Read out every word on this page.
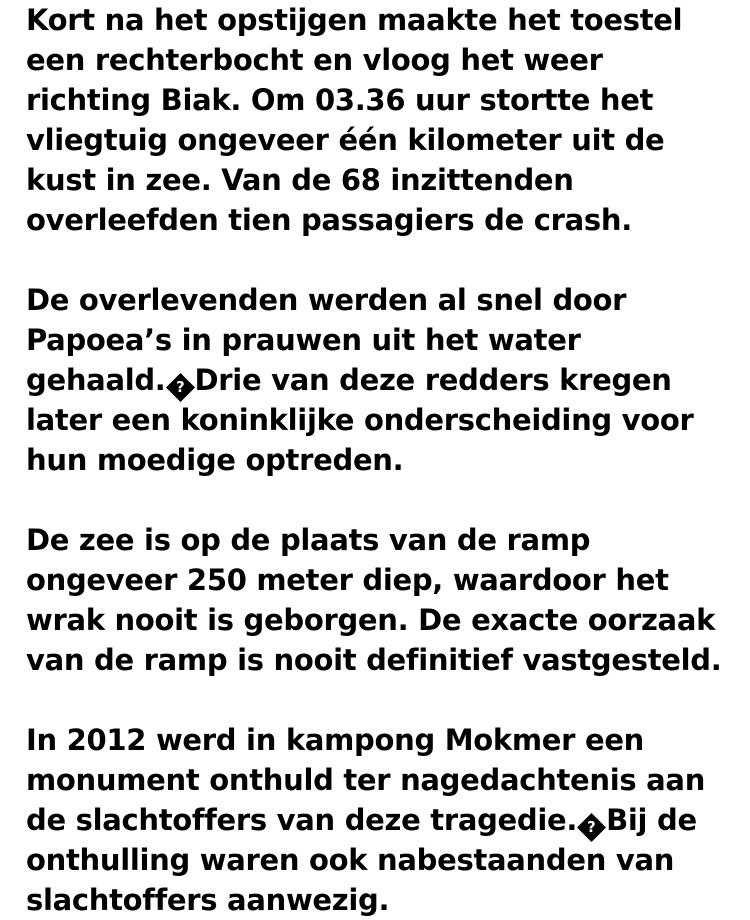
Kort na het opstijgen maakte het toestel
een rechterbocht en vloog het weer
richting Biak. Om 03.36 uur stortte het
vliegtuig ongeveer één kilometer uit de
kust in zee. Van de 68 inzittenden
overleefden tien passagiers de crash.
De overlevenden werden al snel door
Papoea’s in prauwen uit het water
gehaald. ? Drie van deze redders kregen
later een koninklijke onderscheiding voor
hun moedige optreden.
De zee is op de plaats van de ramp
ongeveer 250 meter diep, waardoor het
wrak nooit is geborgen. De exacte oorzaak
van de ramp is nooit definitief vastgesteld.
In 2012 werd in kampong Mokmer een
monument onthuld ter nagedachtenis aan
de slachtoffers van deze tragedie. ? Bij de
onthulling waren ook nabestaanden van
slachtoffers aanwezig.
